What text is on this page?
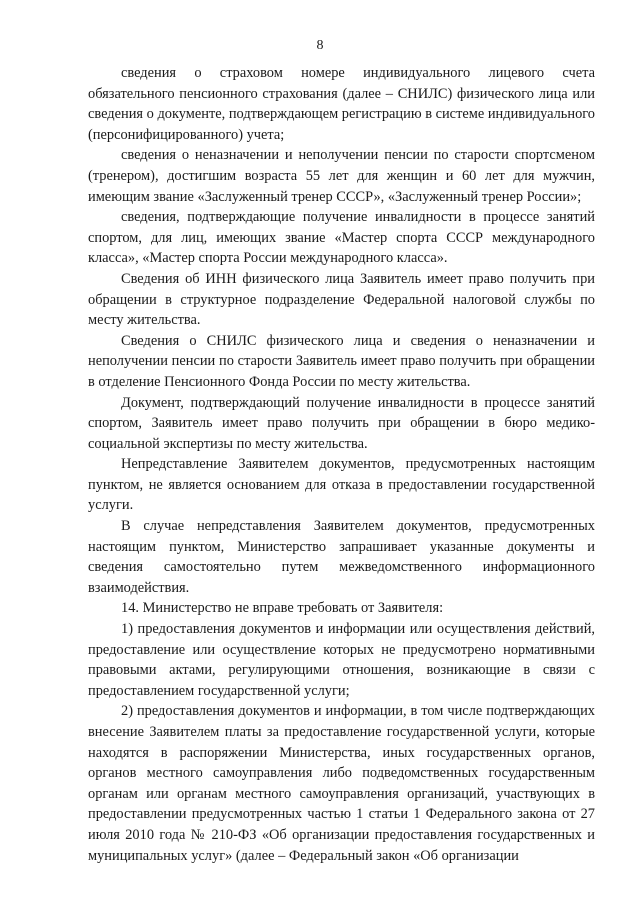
8

сведения о страховом номере индивидуального лицевого счета обязательного пенсионного страхования (далее – СНИЛС) физического лица или сведения о документе, подтверждающем регистрацию в системе индивидуального (персонифицированного) учета;

сведения о неназначении и неполучении пенсии по старости спортсменом (тренером), достигшим возраста 55 лет для женщин и 60 лет для мужчин, имеющим звание «Заслуженный тренер СССР», «Заслуженный тренер России»;

сведения, подтверждающие получение инвалидности в процессе занятий спортом, для лиц, имеющих звание «Мастер спорта СССР международного класса», «Мастер спорта России международного класса».

Сведения об ИНН физического лица Заявитель имеет право получить при обращении в структурное подразделение Федеральной налоговой службы по месту жительства.

Сведения о СНИЛС физического лица и сведения о неназначении и неполучении пенсии по старости Заявитель имеет право получить при обращении в отделение Пенсионного Фонда России по месту жительства.

Документ, подтверждающий получение инвалидности в процессе занятий спортом, Заявитель имеет право получить при обращении в бюро медико-социальной экспертизы по месту жительства.

Непредставление Заявителем документов, предусмотренных настоящим пунктом, не является основанием для отказа в предоставлении государственной услуги.

В случае непредставления Заявителем документов, предусмотренных настоящим пунктом, Министерство запрашивает указанные документы и сведения самостоятельно путем межведомственного информационного взаимодействия.

14. Министерство не вправе требовать от Заявителя:

1) предоставления документов и информации или осуществления действий, предоставление или осуществление которых не предусмотрено нормативными правовыми актами, регулирующими отношения, возникающие в связи с предоставлением государственной услуги;

2) предоставления документов и информации, в том числе подтверждающих внесение Заявителем платы за предоставление государственной услуги, которые находятся в распоряжении Министерства, иных государственных органов, органов местного самоуправления либо подведомственных государственным органам или органам местного самоуправления организаций, участвующих в предоставлении предусмотренных частью 1 статьи 1 Федерального закона от 27 июля 2010 года № 210-ФЗ «Об организации предоставления государственных и муниципальных услуг» (далее – Федеральный закон «Об организации
